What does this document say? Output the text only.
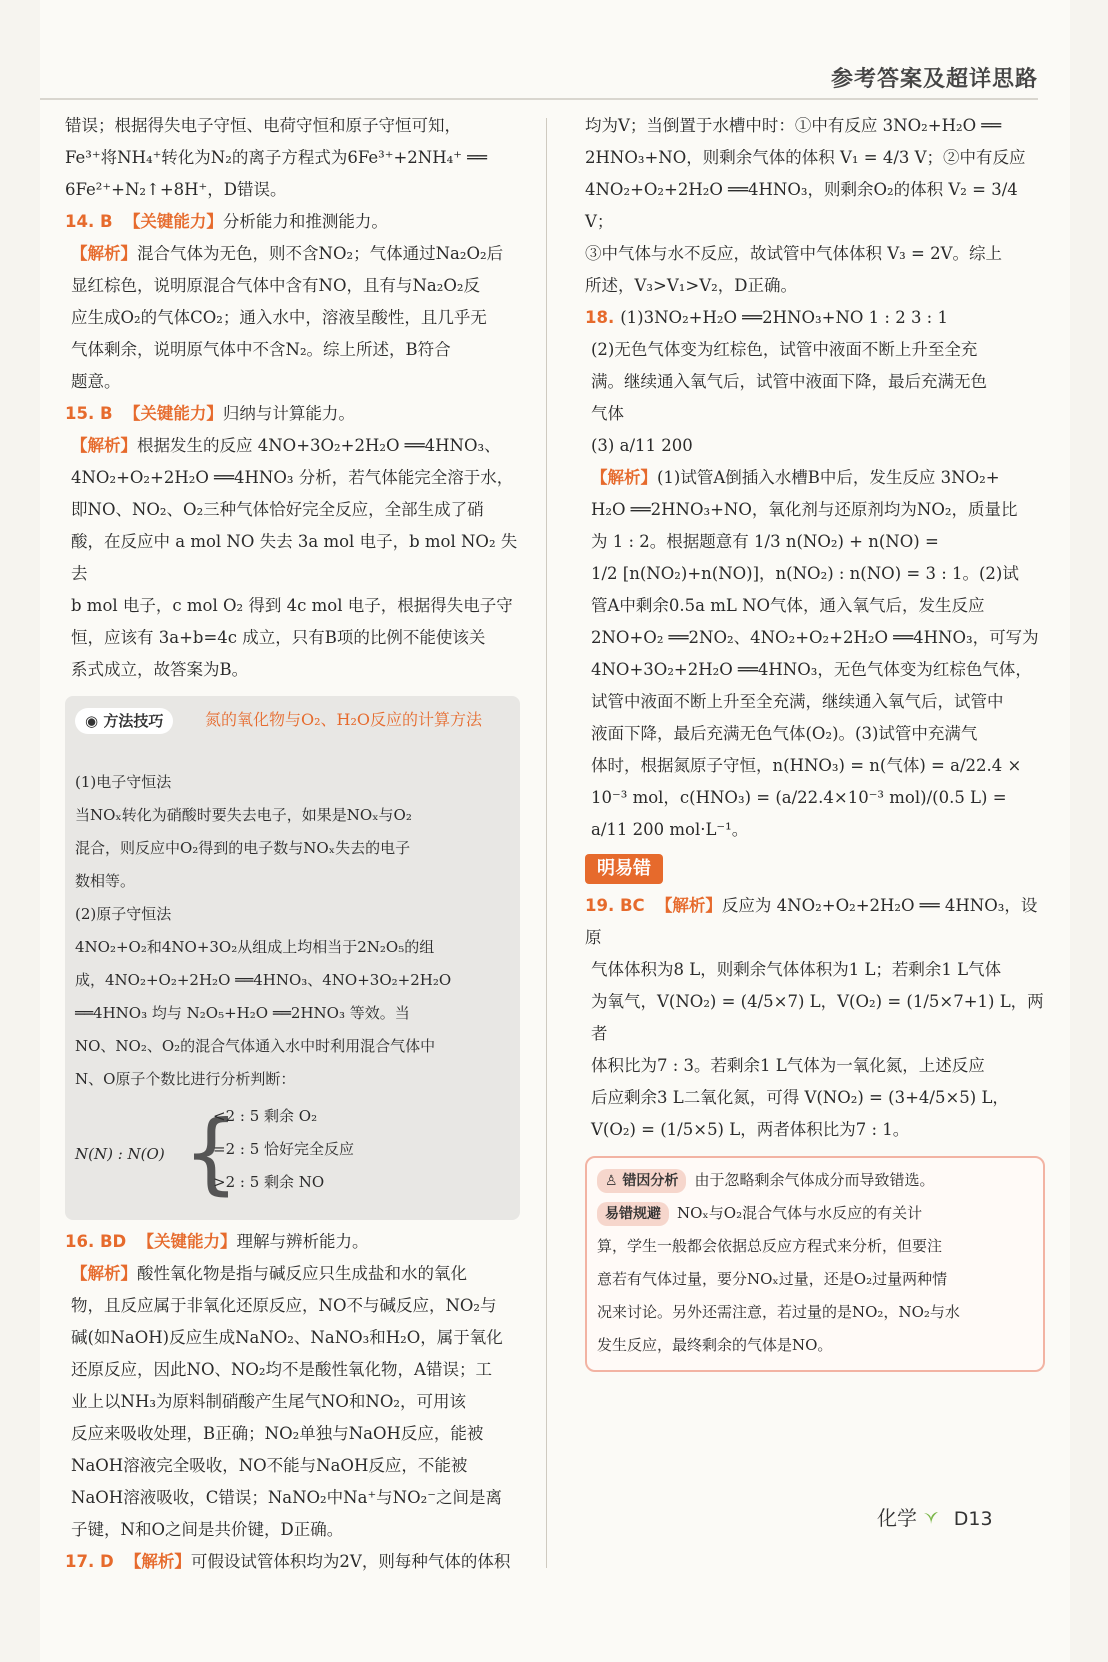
参考答案及超详思路

错误；根据得失电子守恒、电荷守恒和原子守恒可知，

Fe³⁺将NH₄⁺转化为N₂的离子方程式为6Fe³⁺+2NH₄⁺ ══

6Fe²⁺+N₂↑+8H⁺，D错误。

14. B 【关键能力】分析能力和推测能力。

【解析】混合气体为无色，则不含NO₂；气体通过Na₂O₂后

显红棕色，说明原混合气体中含有NO，且有与Na₂O₂反

应生成O₂的气体CO₂；通入水中，溶液呈酸性，且几乎无

气体剩余，说明原气体中不含N₂。综上所述，B符合

题意。

15. B 【关键能力】归纳与计算能力。

【解析】根据发生的反应 4NO+3O₂+2H₂O ══4HNO₃、

4NO₂+O₂+2H₂O ══4HNO₃ 分析，若气体能完全溶于水，

即NO、NO₂、O₂三种气体恰好完全反应，全部生成了硝

酸，在反应中 a mol NO 失去 3a mol 电子，b mol NO₂ 失去

b mol 电子，c mol O₂ 得到 4c mol 电子，根据得失电子守

恒，应该有 3a+b=4c 成立，只有B项的比例不能使该关

系式成立，故答案为B。

◉ 方法技巧	氮的氧化物与O₂、H₂O反应的计算方法

(1)电子守恒法

当NOₓ转化为硝酸时要失去电子，如果是NOₓ与O₂

混合，则反应中O₂得到的电子数与NOₓ失去的电子

数相等。

(2)原子守恒法

4NO₂+O₂和4NO+3O₂从组成上均相当于2N₂O₅的组

成，4NO₂+O₂+2H₂O ══4HNO₃、4NO+3O₂+2H₂O

══4HNO₃ 均与 N₂O₅+H₂O ══2HNO₃ 等效。当

NO、NO₂、O₂的混合气体通入水中时利用混合气体中

N、O原子个数比进行分析判断：

N(N) : N(O) {

<2 : 5 剩余 O₂

=2 : 5 恰好完全反应

>2 : 5 剩余 NO

16. BD 【关键能力】理解与辨析能力。

【解析】酸性氧化物是指与碱反应只生成盐和水的氧化

物，且反应属于非氧化还原反应，NO不与碱反应，NO₂与

碱(如NaOH)反应生成NaNO₂、NaNO₃和H₂O，属于氧化

还原反应，因此NO、NO₂均不是酸性氧化物，A错误；工

业上以NH₃为原料制硝酸产生尾气NO和NO₂，可用该

反应来吸收处理，B正确；NO₂单独与NaOH反应，能被

NaOH溶液完全吸收，NO不能与NaOH反应，不能被

NaOH溶液吸收，C错误；NaNO₂中Na⁺与NO₂⁻之间是离

子键，N和O之间是共价键，D正确。

17. D 【解析】可假设试管体积均为2V，则每种气体的体积

均为V；当倒置于水槽中时：①中有反应 3NO₂+H₂O ══

2HNO₃+NO，则剩余气体的体积 V₁ = 4/3 V；②中有反应

4NO₂+O₂+2H₂O ══4HNO₃，则剩余O₂的体积 V₂ = 3/4 V；

③中气体与水不反应，故试管中气体体积 V₃ = 2V。综上

所述，V₃>V₁>V₂，D正确。

18. (1)3NO₂+H₂O ══2HNO₃+NO 1 : 2 3 : 1

(2)无色气体变为红棕色，试管中液面不断上升至全充

满。继续通入氧气后，试管中液面下降，最后充满无色

气体

(3) a/11 200

【解析】(1)试管A倒插入水槽B中后，发生反应 3NO₂+

H₂O ══2HNO₃+NO，氧化剂与还原剂均为NO₂，质量比

为 1 : 2。根据题意有 1/3 n(NO₂) + n(NO) =

1/2 [n(NO₂)+n(NO)]，n(NO₂) : n(NO) = 3 : 1。(2)试

管A中剩余0.5a mL NO气体，通入氧气后，发生反应

2NO+O₂ ══2NO₂、4NO₂+O₂+2H₂O ══4HNO₃，可写为

4NO+3O₂+2H₂O ══4HNO₃，无色气体变为红棕色气体，

试管中液面不断上升至全充满，继续通入氧气后，试管中

液面下降，最后充满无色气体(O₂)。(3)试管中充满气

体时，根据氮原子守恒，n(HNO₃) = n(气体) = a/22.4 ×

10⁻³ mol，c(HNO₃) = (a/22.4×10⁻³ mol)/(0.5 L) = a/11 200 mol·L⁻¹。

明易错

19. BC 【解析】反应为 4NO₂+O₂+2H₂O ══ 4HNO₃，设原

气体体积为8 L，则剩余气体体积为1 L；若剩余1 L气体

为氧气，V(NO₂) = (4/5×7) L，V(O₂) = (1/5×7+1) L，两者

体积比为7 : 3。若剩余1 L气体为一氧化氮，上述反应

后应剩余3 L二氧化氮，可得 V(NO₂) = (3+4/5×5) L，

V(O₂) = (1/5×5) L，两者体积比为7 : 1。

♙ 错因分析 由于忽略剩余气体成分而导致错选。

易错规避 NOₓ与O₂混合气体与水反应的有关计

算，学生一般都会依据总反应方程式来分析，但要注

意若有气体过量，要分NOₓ过量，还是O₂过量两种情

况来讨论。另外还需注意，若过量的是NO₂，NO₂与水

发生反应，最终剩余的气体是NO。

化学 D13
